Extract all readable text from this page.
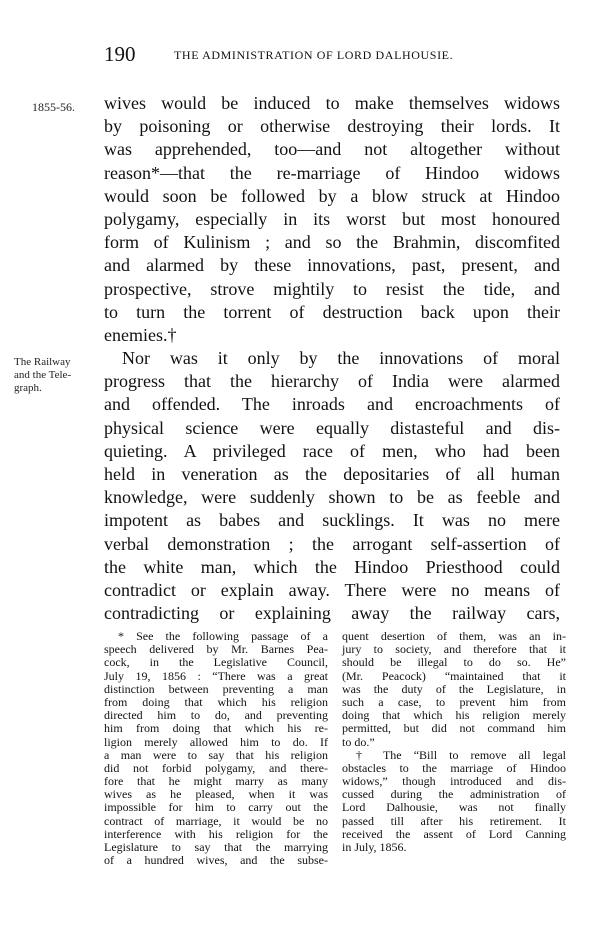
190	THE ADMINISTRATION OF LORD DALHOUSIE.
1855-56.
The Railway
and the Tele-
graph.
wives would be induced to make themselves widows
by poisoning or otherwise destroying their lords. It
was apprehended, too—and not altogether without
reason*—that the re-marriage of Hindoo widows
would soon be followed by a blow struck at Hindoo
polygamy, especially in its worst but most honoured
form of Kulinism ; and so the Brahmin, discomfited
and alarmed by these innovations, past, present, and
prospective, strove mightily to resist the tide, and
to turn the torrent of destruction back upon their
enemies.†
Nor was it only by the innovations of moral
progress that the hierarchy of India were alarmed
and offended. The inroads and encroachments of
physical science were equally distasteful and dis-
quieting. A privileged race of men, who had been
held in veneration as the depositaries of all human
knowledge, were suddenly shown to be as feeble and
impotent as babes and sucklings. It was no mere
verbal demonstration ; the arrogant self-assertion of
the white man, which the Hindoo Priesthood could
contradict or explain away. There were no means of
contradicting or explaining away the railway cars,
* See the following passage of a
speech delivered by Mr. Barnes Pea-
cock, in the Legislative Council,
July 19, 1856 : “There was a great
distinction between preventing a man
from doing that which his religion
directed him to do, and preventing
him from doing that which his re-
ligion merely allowed him to do. If
a man were to say that his religion
did not forbid polygamy, and there-
fore that he might marry as many
wives as he pleased, when it was
impossible for him to carry out the
contract of marriage, it would be no
interference with his religion for the
Legislature to say that the marrying
of a hundred wives, and the subse-
quent desertion of them, was an in-
jury to society, and therefore that it
should be illegal to do so. He”
(Mr. Peacock) “maintained that it
was the duty of the Legislature, in
such a case, to prevent him from
doing that which his religion merely
permitted, but did not command him
to do.”
† The “Bill to remove all legal
obstacles to the marriage of Hindoo
widows,” though introduced and dis-
cussed during the administration of
Lord Dalhousie, was not finally
passed till after his retirement. It
received the assent of Lord Canning
in July, 1856.
